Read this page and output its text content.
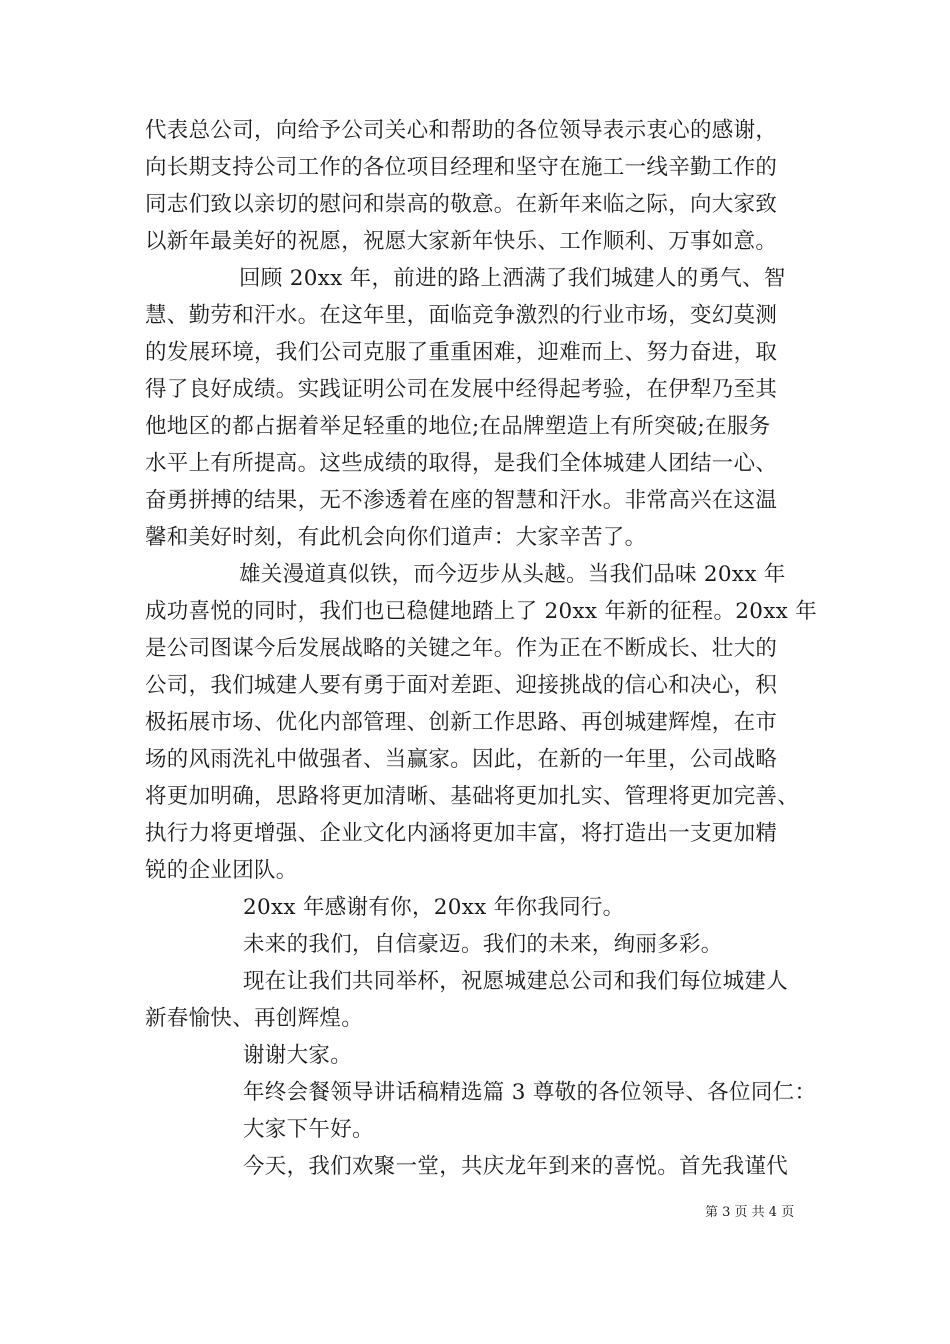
代表总公司，向给予公司关心和帮助的各位领导表示衷心的感谢，
向长期支持公司工作的各位项目经理和坚守在施工一线辛勤工作的
同志们致以亲切的慰问和崇高的敬意。在新年来临之际，向大家致
以新年最美好的祝愿，祝愿大家新年快乐、工作顺利、万事如意。
回顾 20xx 年，前进的路上洒满了我们城建人的勇气、智
慧、勤劳和汗水。在这年里，面临竞争激烈的行业市场，变幻莫测
的发展环境，我们公司克服了重重困难，迎难而上、努力奋进，取
得了良好成绩。实践证明公司在发展中经得起考验，在伊犁乃至其
他地区的都占据着举足轻重的地位;在品牌塑造上有所突破;在服务
水平上有所提高。这些成绩的取得，是我们全体城建人团结一心、
奋勇拼搏的结果，无不渗透着在座的智慧和汗水。非常高兴在这温
馨和美好时刻，有此机会向你们道声：大家辛苦了。
雄关漫道真似铁，而今迈步从头越。当我们品味 20xx 年
成功喜悦的同时，我们也已稳健地踏上了 20xx 年新的征程。20xx 年
是公司图谋今后发展战略的关键之年。作为正在不断成长、壮大的
公司，我们城建人要有勇于面对差距、迎接挑战的信心和决心，积
极拓展市场、优化内部管理、创新工作思路、再创城建辉煌，在市
场的风雨洗礼中做强者、当赢家。因此，在新的一年里，公司战略
将更加明确，思路将更加清晰、基础将更加扎实、管理将更加完善、
执行力将更增强、企业文化内涵将更加丰富，将打造出一支更加精
锐的企业团队。
20xx 年感谢有你，20xx 年你我同行。
未来的我们，自信豪迈。我们的未来，绚丽多彩。
现在让我们共同举杯，祝愿城建总公司和我们每位城建人
新春愉快、再创辉煌。
谢谢大家。
年终会餐领导讲话稿精选篇 3 尊敬的各位领导、各位同仁：
大家下午好。
今天，我们欢聚一堂，共庆龙年到来的喜悦。首先我谨代
第 3 页 共 4 页
